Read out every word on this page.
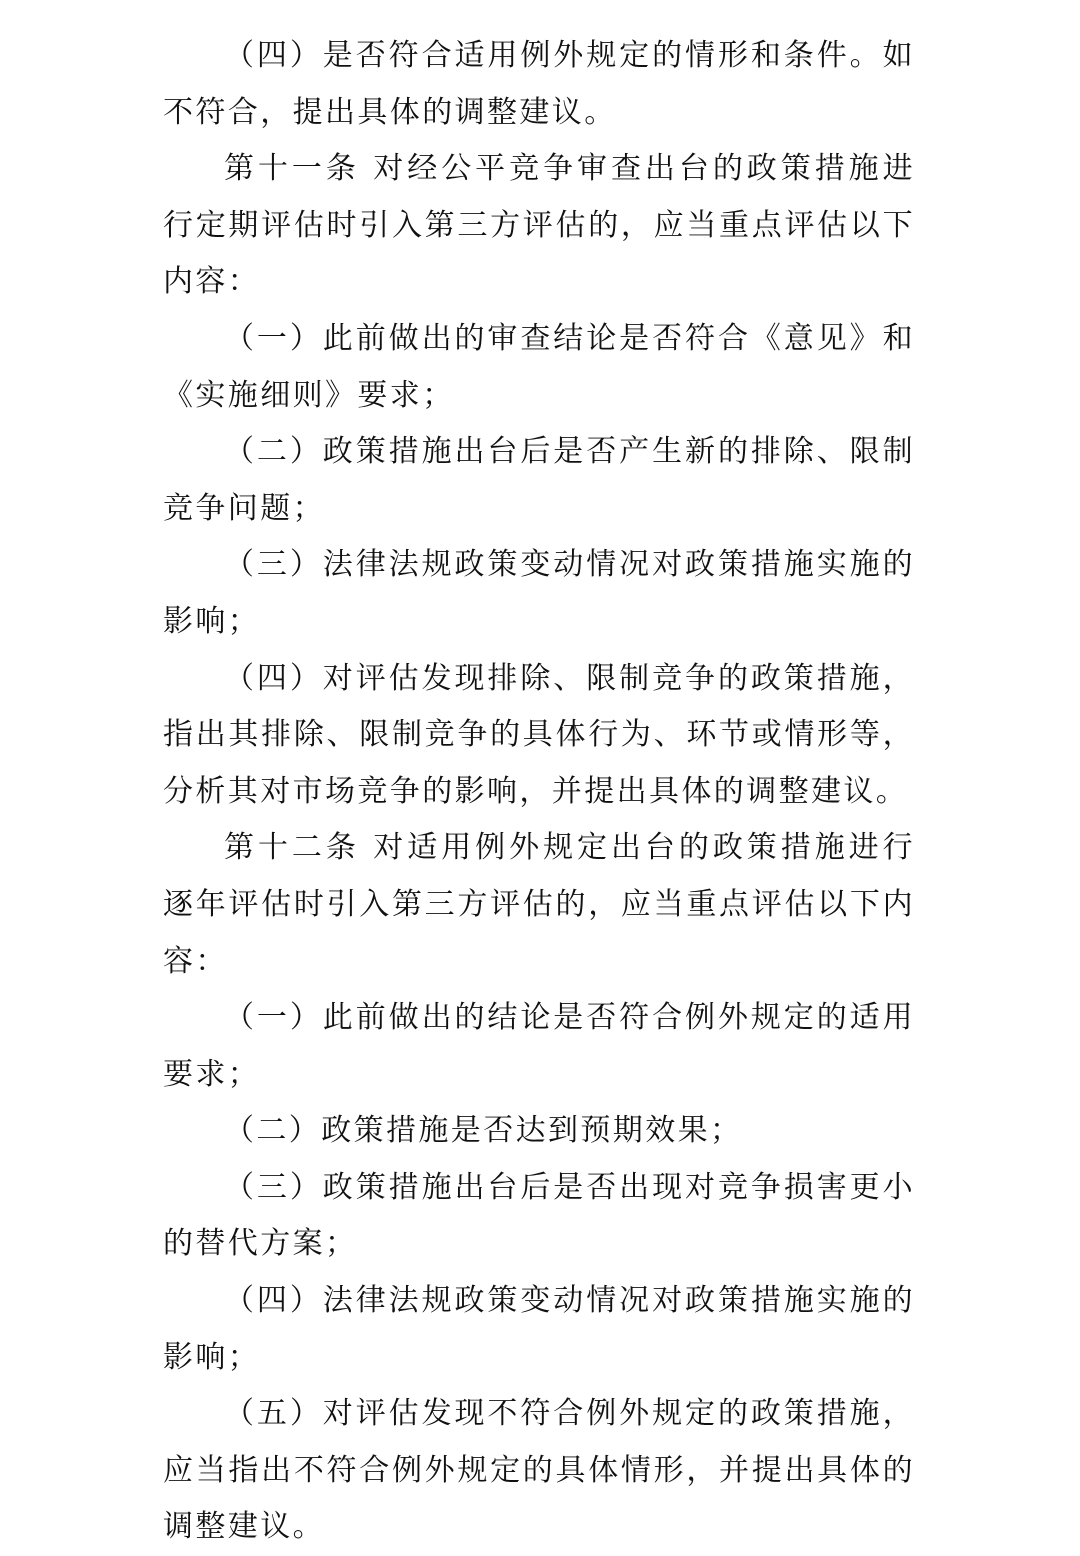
（四）是否符合适用例外规定的情形和条件。如不符合，提出具体的调整建议。

第十一条 对经公平竞争审查出台的政策措施进行定期评估时引入第三方评估的，应当重点评估以下内容：

（一）此前做出的审查结论是否符合《意见》和《实施细则》要求；

（二）政策措施出台后是否产生新的排除、限制竞争问题；

（三）法律法规政策变动情况对政策措施实施的影响；

（四）对评估发现排除、限制竞争的政策措施，指出其排除、限制竞争的具体行为、环节或情形等，分析其对市场竞争的影响，并提出具体的调整建议。

第十二条 对适用例外规定出台的政策措施进行逐年评估时引入第三方评估的，应当重点评估以下内容：

（一）此前做出的结论是否符合例外规定的适用要求；

（二）政策措施是否达到预期效果；

（三）政策措施出台后是否出现对竞争损害更小的替代方案；

（四）法律法规政策变动情况对政策措施实施的影响；

（五）对评估发现不符合例外规定的政策措施，应当指出不符合例外规定的具体情形，并提出具体的调整建议。
